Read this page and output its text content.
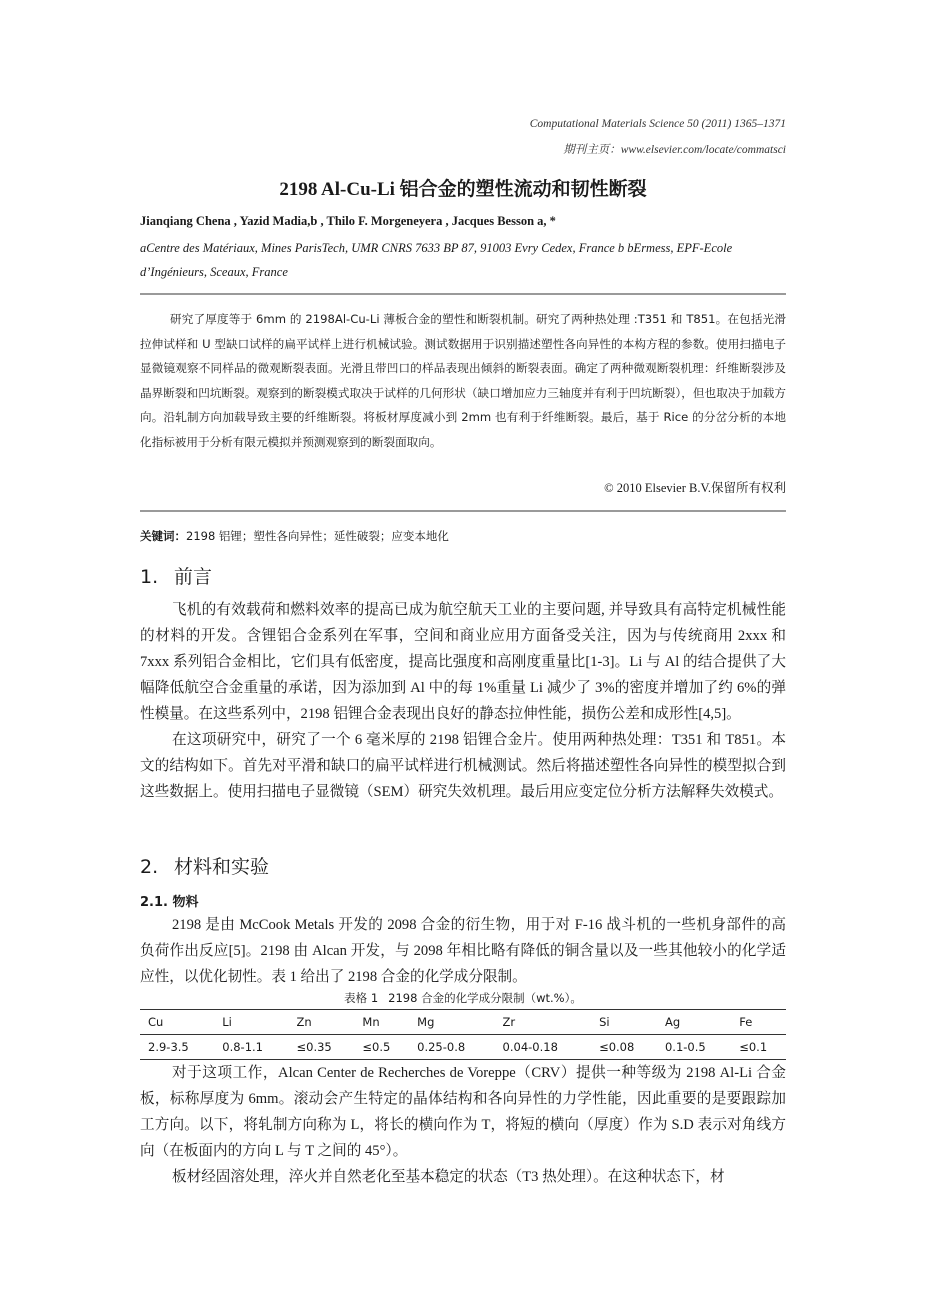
Computational Materials Science 50 (2011) 1365–1371
期刊主页：www.elsevier.com/locate/commatsci
2198 Al-Cu-Li 铝合金的塑性流动和韧性断裂
Jianqiang Chena , Yazid Madia,b , Thilo F. Morgeneyera , Jacques Besson a, *
aCentre des Matériaux, Mines ParisTech, UMR CNRS 7633 BP 87, 91003 Evry Cedex, France b bErmess, EPF-Ecole d’Ingénieurs, Sceaux, France
研究了厚度等于 6mm 的 2198Al-Cu-Li 薄板合金的塑性和断裂机制。研究了两种热处理 :T351 和 T851。在包括光滑拉伸试样和 U 型缺口试样的扁平试样上进行机械试验。测试数据用于识别描述塑性各向异性的本构方程的参数。使用扫描电子显微镜观察不同样品的微观断裂表面。光滑且带凹口的样品表现出倾斜的断裂表面。确定了两种微观断裂机理：纤维断裂涉及晶界断裂和凹坑断裂。观察到的断裂模式取决于试样的几何形状（缺口增加应力三轴度并有利于凹坑断裂），但也取决于加载方向。沿轧制方向加载导致主要的纤维断裂。将板材厚度减小到 2mm 也有利于纤维断裂。最后，基于 Rice 的分岔分析的本地化指标被用于分析有限元模拟并预测观察到的断裂面取向。
© 2010 Elsevier B.V.保留所有权利
关键词：2198 铝锂；塑性各向异性；延性破裂；应变本地化
1. 前言

飞机的有效载荷和燃料效率的提高已成为航空航天工业的主要问题, 并导致具有高特定机械性能的材料的开发。含锂铝合金系列在军事，空间和商业应用方面备受关注，因为与传统商用 2xxx 和 7xxx 系列铝合金相比，它们具有低密度，提高比强度和高刚度重量比[1-3]。Li 与 Al 的结合提供了大幅降低航空合金重量的承诺，因为添加到 Al 中的每 1%重量 Li 减少了 3%的密度并增加了约 6%的弹性模量。在这些系列中，2198 铝锂合金表现出良好的静态拉伸性能，损伤公差和成形性[4,5]。

在这项研究中，研究了一个 6 毫米厚的 2198 铝锂合金片。使用两种热处理：T351 和 T851。本文的结构如下。首先对平滑和缺口的扁平试样进行机械测试。然后将描述塑性各向异性的模型拟合到这些数据上。使用扫描电子显微镜（SEM）研究失效机理。最后用应变定位分析方法解释失效模式。

2. 材料和实验
2.1. 物料

2198 是由 McCook Metals 开发的 2098 合金的衍生物，用于对 F-16 战斗机的一些机身部件的高负荷作出反应[5]。2198 由 Alcan 开发，与 2098 年相比略有降低的铜含量以及一些其他较小的化学适应性，以优化韧性。表 1 给出了 2198 合金的化学成分限制。

表格 1 2198 合金的化学成分限制（wt.%）。
Cu	Li	Zn	Mn	Mg	Zr	Si	Ag	Fe
2.9-3.5	0.8-1.1	≤0.35	≤0.5	0.25-0.8	0.04-0.18	≤0.08	0.1-0.5	≤0.1

对于这项工作，Alcan Center de Recherches de Voreppe（CRV）提供一种等级为 2198 Al-Li 合金板，标称厚度为 6mm。滚动会产生特定的晶体结构和各向异性的力学性能，因此重要的是要跟踪加工方向。以下，将轧制方向称为 L，将长的横向作为 T，将短的横向（厚度）作为 S.D 表示对角线方向（在板面内的方向 L 与 T 之间的 45°）。

板材经固溶处理，淬火并自然老化至基本稳定的状态（T3 热处理）。在这种状态下，材
